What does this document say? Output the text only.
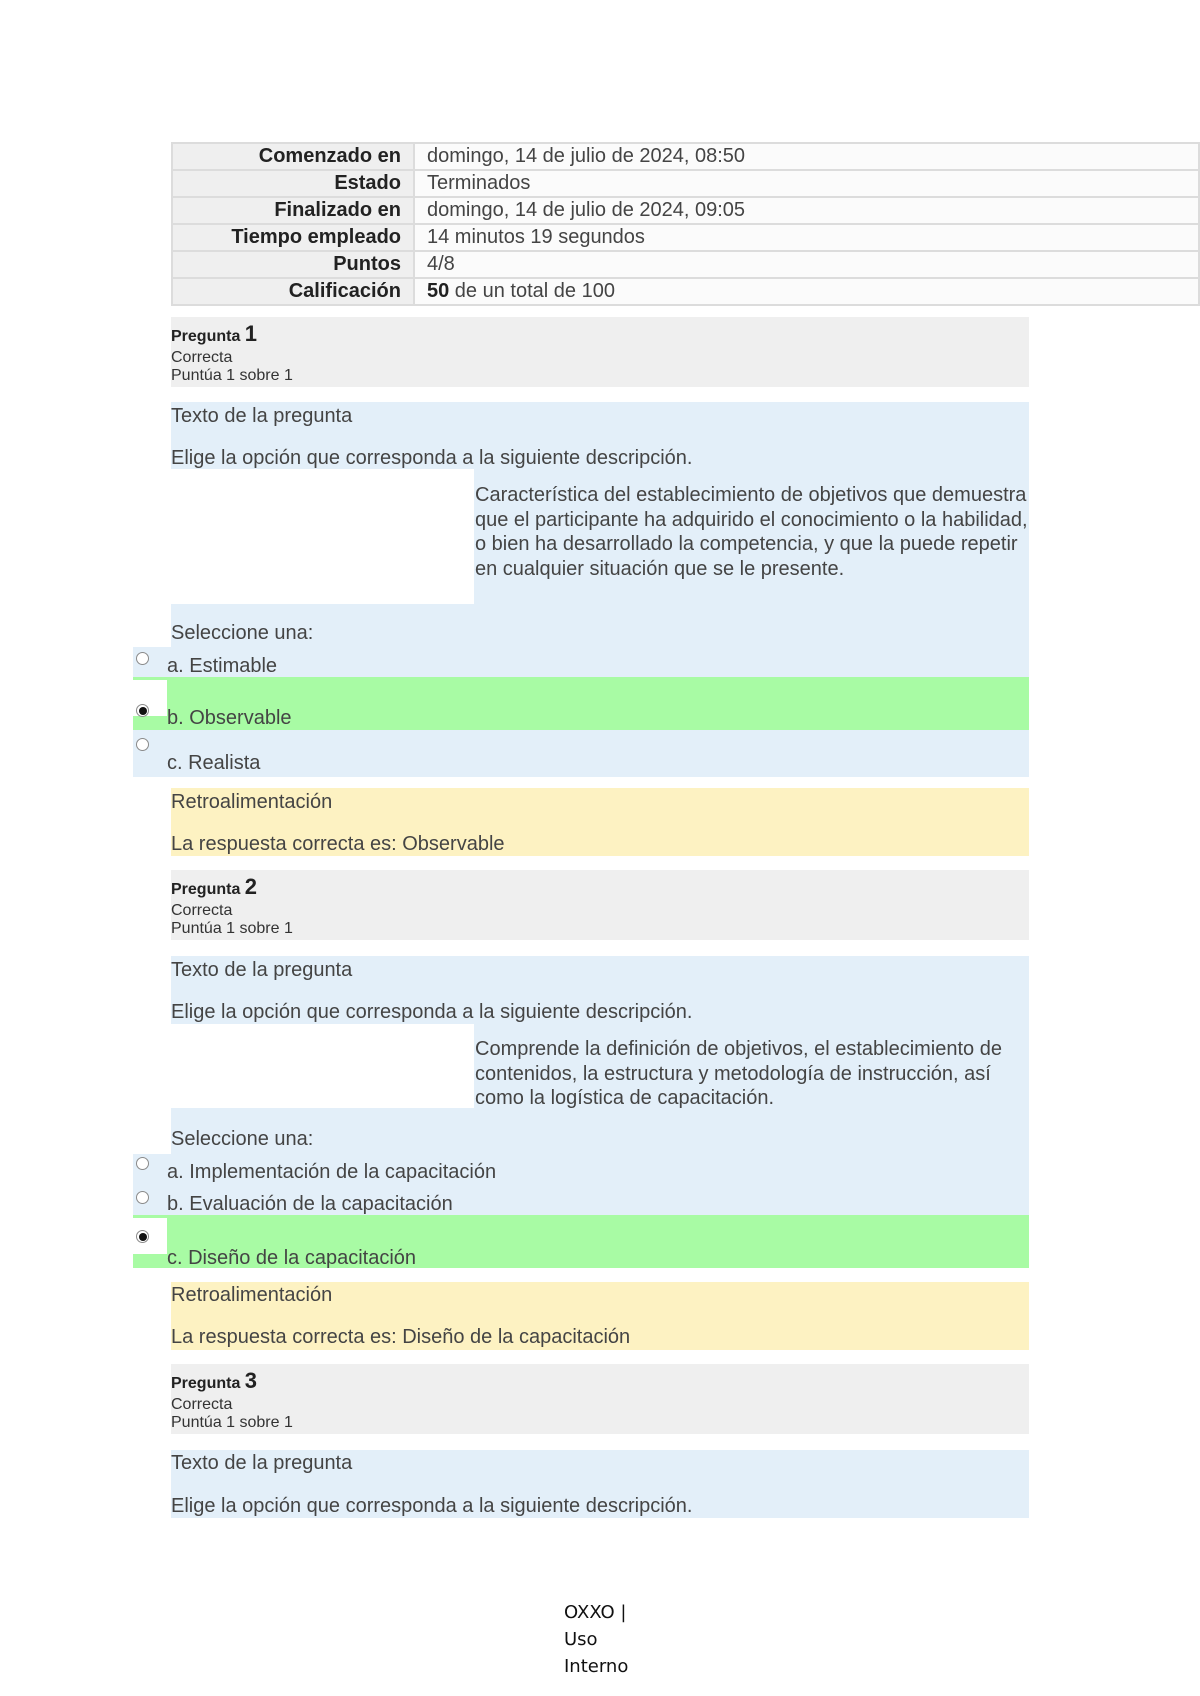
Comenzado en	domingo, 14 de julio de 2024, 08:50
Estado	Terminados
Finalizado en	domingo, 14 de julio de 2024, 09:05
Tiempo empleado	14 minutos 19 segundos
Puntos	4/8
Calificación	50 de un total de 100
Pregunta 1
Correcta
Puntúa 1 sobre 1
Texto de la pregunta
Elige la opción que corresponda a la siguiente descripción.
Característica del establecimiento de objetivos que demuestra que el participante ha adquirido el conocimiento o la habilidad, o bien ha desarrollado la competencia, y que la puede repetir en cualquier situación que se le presente.
Seleccione una:
a. Estimable
b. Observable
c. Realista
Retroalimentación
La respuesta correcta es: Observable
Pregunta 2
Correcta
Puntúa 1 sobre 1
Texto de la pregunta
Elige la opción que corresponda a la siguiente descripción.
Comprende la definición de objetivos, el establecimiento de contenidos, la estructura y metodología de instrucción, así como la logística de capacitación.
Seleccione una:
a. Implementación de la capacitación
b. Evaluación de la capacitación
c. Diseño de la capacitación
Retroalimentación
La respuesta correcta es: Diseño de la capacitación
Pregunta 3
Correcta
Puntúa 1 sobre 1
Texto de la pregunta
Elige la opción que corresponda a la siguiente descripción.
OXXO |
Uso
Interno
